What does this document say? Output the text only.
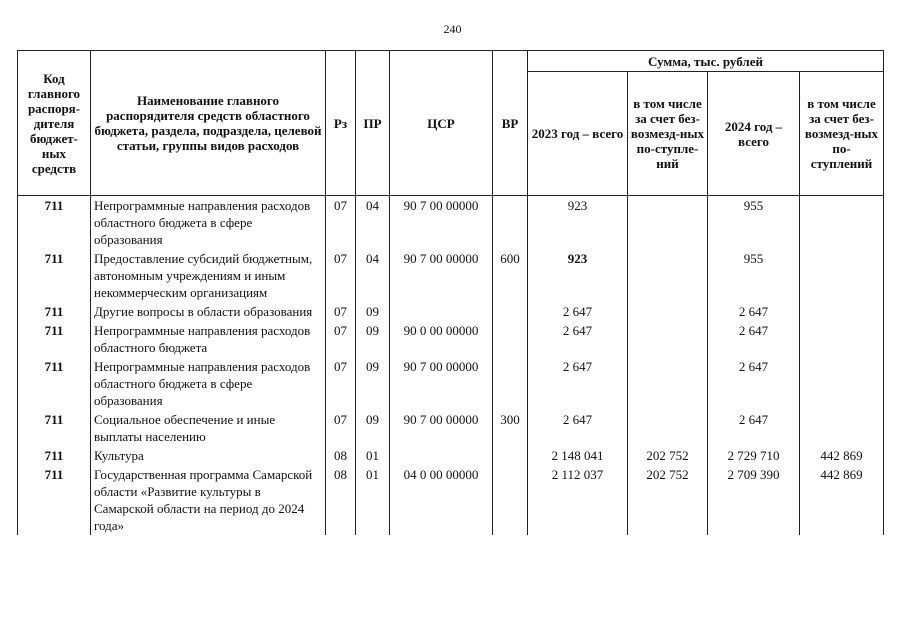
240
Код главного распоря-дителя бюджет-ных средств	Наименование главного распорядителя средств областного бюджета, раздела, подраздела, целевой статьи, группы видов расходов	Рз	ПР	ЦСР	ВР	Сумма, тыс. рублей			
						2023 год – всего	в том числе за счет без-возмезд-ных по-ступле-ний	2024 год – всего	в том числе за счет без-возмезд-ных по-ступлений
711	Непрограммные направления расходов областного бюджета в сфере образования	07	04	90 7 00 00000		923		955	
711	Предоставление субсидий бюджетным, автономным учреждениям и иным некоммерческим организациям	07	04	90 7 00 00000	600	923		955	
711	Другие вопросы в области образования	07	09			2 647		2 647	
711	Непрограммные направления расходов областного бюджета	07	09	90 0 00 00000		2 647		2 647	
711	Непрограммные направления расходов областного бюджета в сфере образования	07	09	90 7 00 00000		2 647		2 647	
711	Социальное обеспечение и иные выплаты населению	07	09	90 7 00 00000	300	2 647		2 647	
711	Культура	08	01			2 148 041	202 752	2 729 710	442 869
711	Государственная программа Самарской области «Развитие культуры в Самарской области на период до 2024 года»	08	01	04 0 00 00000		2 112 037	202 752	2 709 390	442 869
